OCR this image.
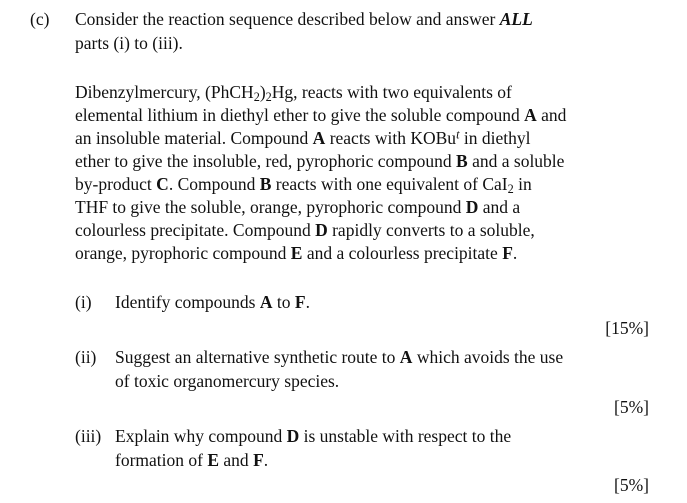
(c) Consider the reaction sequence described below and answer ALL
parts (i) to (iii).
Dibenzylmercury, $(PhCH_2)_2Hg$, reacts with two equivalents of
elemental lithium in diethyl ether to give the soluble compound A and
an insoluble material. Compound A reacts with KOBu$^t$ in diethyl
ether to give the insoluble, red, pyrophoric compound B and a soluble
by-product C. Compound B reacts with one equivalent of CaI$_2$ in
THF to give the soluble, orange, pyrophoric compound D and a
colourless precipitate. Compound D rapidly converts to a soluble,
orange, pyrophoric compound E and a colourless precipitate F.
(i) Identify compounds A to F.
[15%]
(ii) Suggest an alternative synthetic route to A which avoids the use
of toxic organomercury species.
[5%]
(iii) Explain why compound D is unstable with respect to the
formation of E and F.
[5%]
